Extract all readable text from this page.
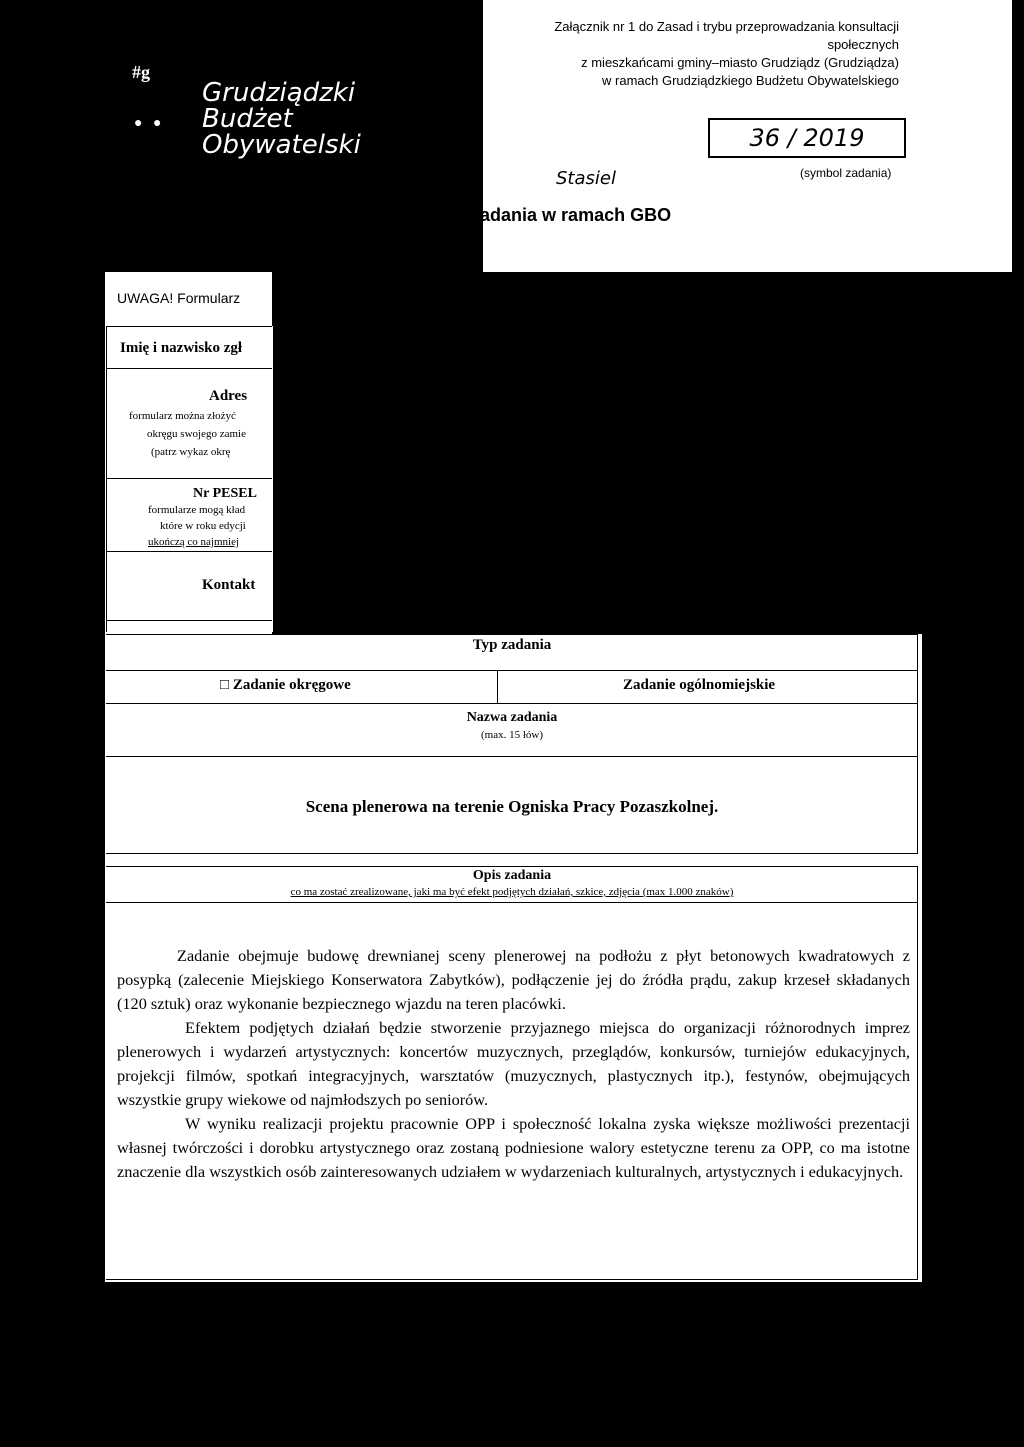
#g
●   ●
Grudziądzki
Budżet
Obywatelski
Załącznik nr 1 do Zasad i trybu przeprowadzania konsultacji społecznych
z mieszkańcami gminy–miasto Grudziądz (Grudziądza)
w ramach Grudziądzkiego Budżetu Obywatelskiego
07.02.2019
26/2019
Stasiel
36 / 2019
(symbol zadania)
Formularz zgłoszeniowy zadania w ramach GBO
UWAGA! Formularz
Imię i nazwisko zgł
Adres
formularz można złożyć
okręgu swojego zamie
(patrz wykaz okrę
Nr PESEL
formularze mogą kład
które w roku edycji
ukończą co najmniej
Kontakt
Typ zadania
□ Zadanie okręgowe	Zadanie ogólnomiejskie
Nazwa zadania
(max. 15 łów)
Scena plenerowa na terenie Ogniska Pracy Pozaszkolnej.
Opis zadania
co ma zostać zrealizowane, jaki ma być efekt podjętych działań, szkice, zdjęcia (max 1.000 znaków)

Zadanie obejmuje budowę drewnianej sceny plenerowej na podłożu z płyt betonowych kwadratowych z posypką (zalecenie Miejskiego Konserwatora Zabytków), podłączenie jej do źródła prądu, zakup krzeseł składanych (120 sztuk) oraz wykonanie bezpiecznego wjazdu na teren placówki.

Efektem podjętych działań będzie stworzenie przyjaznego miejsca do organizacji różnorodnych imprez plenerowych i wydarzeń artystycznych: koncertów muzycznych, przeglądów, konkursów, turniejów edukacyjnych, projekcji filmów, spotkań integracyjnych, warsztatów (muzycznych, plastycznych itp.), festynów, obejmujących wszystkie grupy wiekowe od najmłodszych po seniorów.

W wyniku realizacji projektu pracownie OPP i społeczność lokalna zyska większe możliwości prezentacji własnej twórczości i dorobku artystycznego oraz zostaną podniesione walory estetyczne terenu za OPP, co ma istotne znaczenie dla wszystkich osób zainteresowanych udziałem w wydarzeniach kulturalnych, artystycznych i edukacyjnych.
